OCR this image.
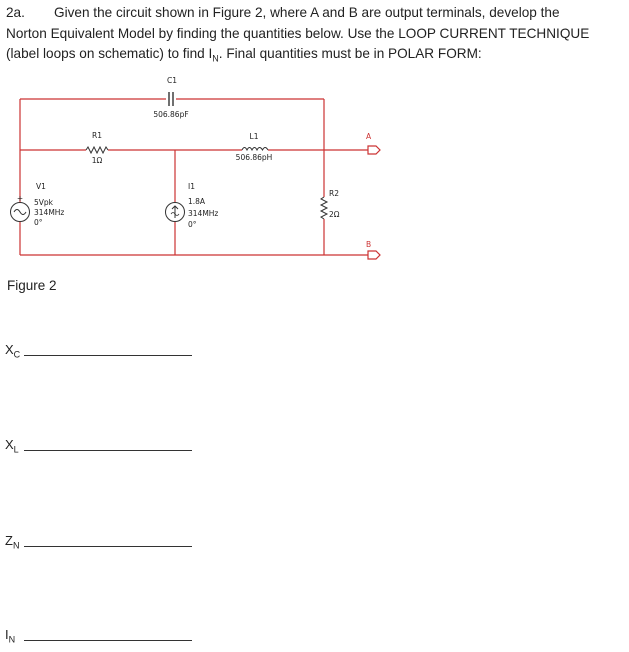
2a. Given the circuit shown in Figure 2, where A and B are output terminals, develop the
Norton Equivalent Model by finding the quantities below. Use the LOOP CURRENT TECHNIQUE
(label loops on schematic) to find $I_N$. Final quantities must be in POLAR FORM:
C1
506.86pF
R1
1Ω
L1
506.86pH
R2
2Ω
+
V1
5Vpk
314MHz
0°
I1
1.8A
314MHz
0°
A
B
Figure 2
$X_C$
$X_L$
$Z_N$
$I_N$
